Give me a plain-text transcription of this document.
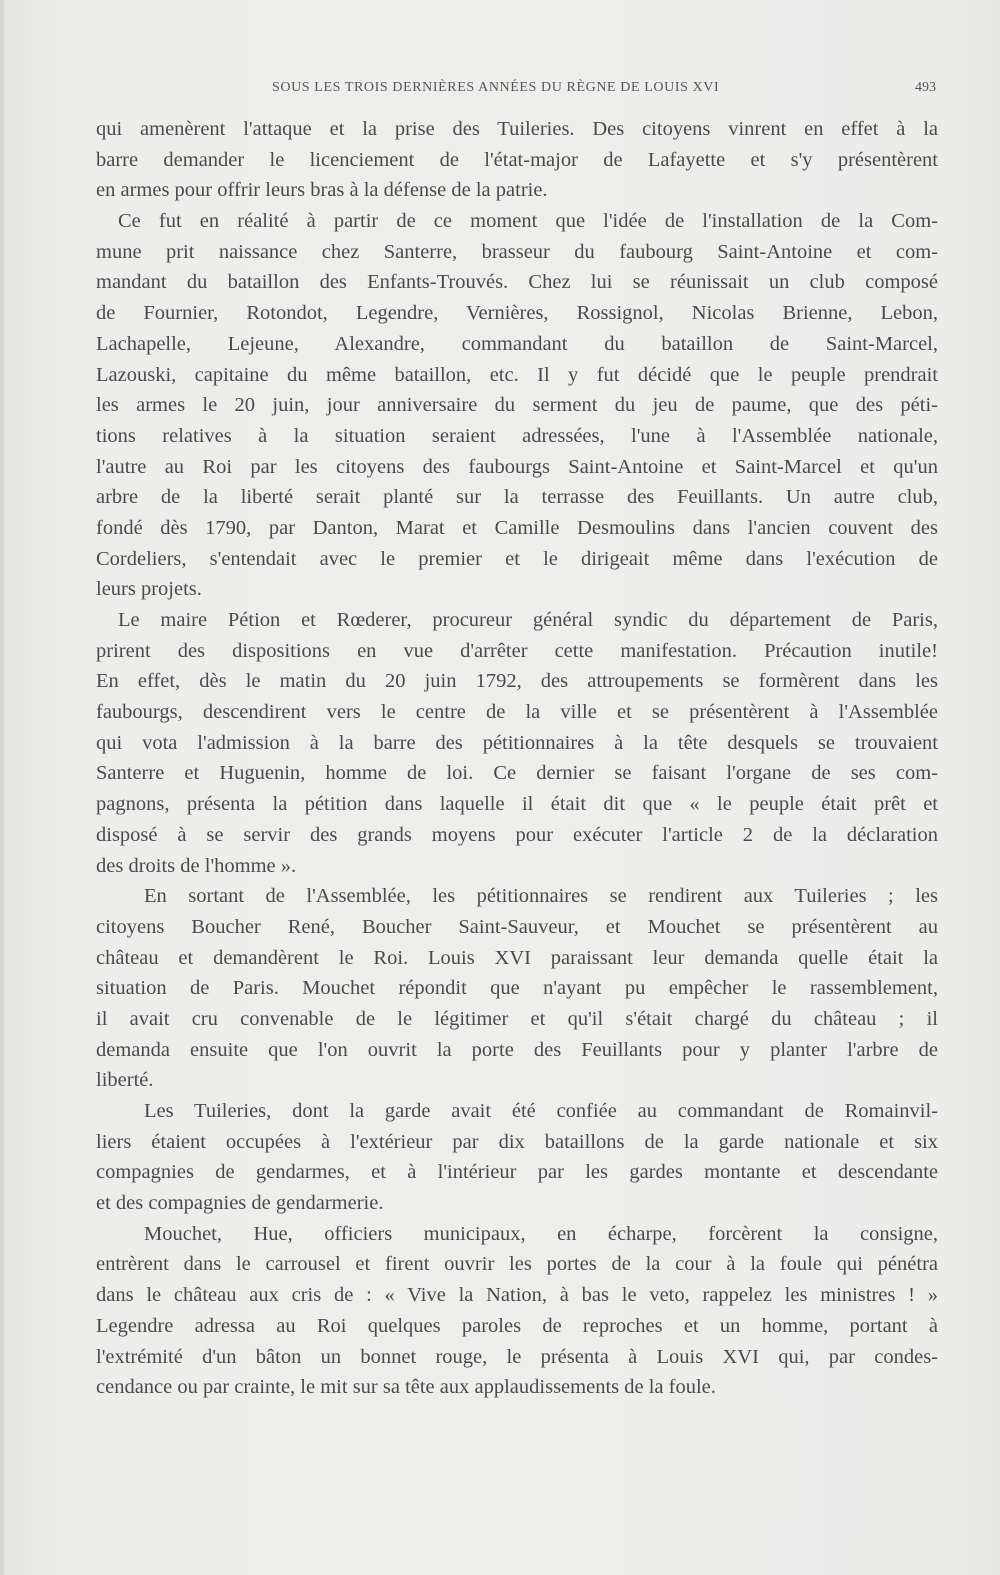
SOUS LES TROIS DERNIÈRES ANNÉES DU RÈGNE DE LOUIS XVI	493
qui amenèrent l'attaque et la prise des Tuileries. Des citoyens vinrent en effet à la
barre demander le licenciement de l'état-major de Lafayette et s'y présentèrent
en armes pour offrir leurs bras à la défense de la patrie.
Ce fut en réalité à partir de ce moment que l'idée de l'installation de la Com-
mune prit naissance chez Santerre, brasseur du faubourg Saint-Antoine et com-
mandant du bataillon des Enfants-Trouvés. Chez lui se réunissait un club composé
de Fournier, Rotondot, Legendre, Vernières, Rossignol, Nicolas Brienne, Lebon,
Lachapelle, Lejeune, Alexandre, commandant du bataillon de Saint-Marcel,
Lazouski, capitaine du même bataillon, etc. Il y fut décidé que le peuple prendrait
les armes le 20 juin, jour anniversaire du serment du jeu de paume, que des péti-
tions relatives à la situation seraient adressées, l'une à l'Assemblée nationale,
l'autre au Roi par les citoyens des faubourgs Saint-Antoine et Saint-Marcel et qu'un
arbre de la liberté serait planté sur la terrasse des Feuillants. Un autre club,
fondé dès 1790, par Danton, Marat et Camille Desmoulins dans l'ancien couvent des
Cordeliers, s'entendait avec le premier et le dirigeait même dans l'exécution de
leurs projets.
Le maire Pétion et Rœderer, procureur général syndic du département de Paris,
prirent des dispositions en vue d'arrêter cette manifestation. Précaution inutile!
En effet, dès le matin du 20 juin 1792, des attroupements se formèrent dans les
faubourgs, descendirent vers le centre de la ville et se présentèrent à l'Assemblée
qui vota l'admission à la barre des pétitionnaires à la tête desquels se trouvaient
Santerre et Huguenin, homme de loi. Ce dernier se faisant l'organe de ses com-
pagnons, présenta la pétition dans laquelle il était dit que « le peuple était prêt et
disposé à se servir des grands moyens pour exécuter l'article 2 de la déclaration
des droits de l'homme ».
En sortant de l'Assemblée, les pétitionnaires se rendirent aux Tuileries ; les
citoyens Boucher René, Boucher Saint-Sauveur, et Mouchet se présentèrent au
château et demandèrent le Roi. Louis XVI paraissant leur demanda quelle était la
situation de Paris. Mouchet répondit que n'ayant pu empêcher le rassemblement,
il avait cru convenable de le légitimer et qu'il s'était chargé du château ; il
demanda ensuite que l'on ouvrit la porte des Feuillants pour y planter l'arbre de
liberté.
Les Tuileries, dont la garde avait été confiée au commandant de Romainvil-
liers étaient occupées à l'extérieur par dix bataillons de la garde nationale et six
compagnies de gendarmes, et à l'intérieur par les gardes montante et descendante
et des compagnies de gendarmerie.
Mouchet, Hue, officiers municipaux, en écharpe, forcèrent la consigne,
entrèrent dans le carrousel et firent ouvrir les portes de la cour à la foule qui pénétra
dans le château aux cris de : « Vive la Nation, à bas le veto, rappelez les ministres ! »
Legendre adressa au Roi quelques paroles de reproches et un homme, portant à
l'extrémité d'un bâton un bonnet rouge, le présenta à Louis XVI qui, par condes-
cendance ou par crainte, le mit sur sa tête aux applaudissements de la foule.
